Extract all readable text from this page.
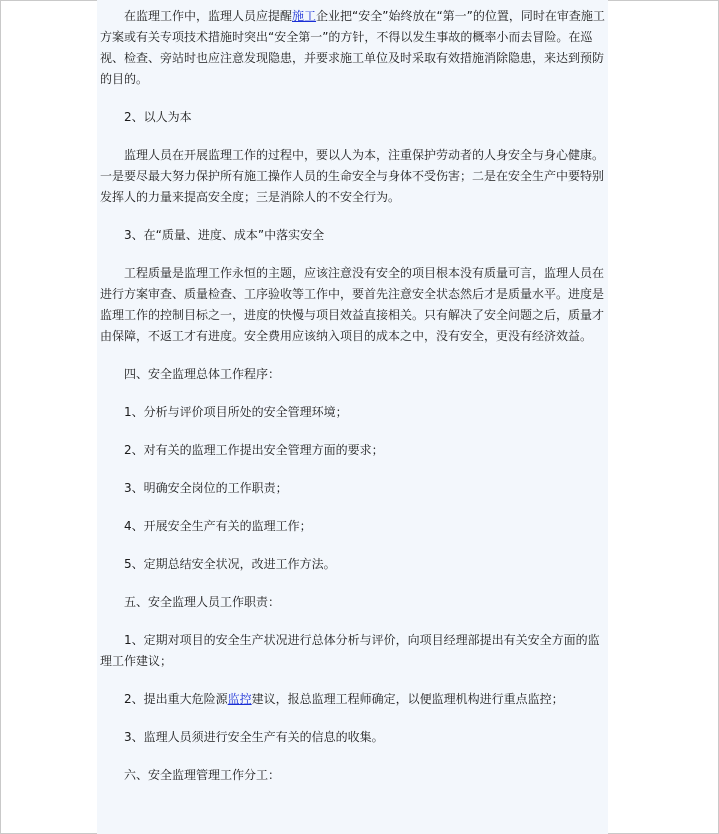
在监理工作中，监理人员应提醒施工企业把“安全”始终放在“第一”的位置，同时在审查施工方案或有关专项技术措施时突出“安全第一”的方针，不得以发生事故的概率小而去冒险。在巡视、检查、旁站时也应注意发现隐患，并要求施工单位及时采取有效措施消除隐患，来达到预防的目的。

2、以人为本

监理人员在开展监理工作的过程中，要以人为本，注重保护劳动者的人身安全与身心健康。一是要尽最大努力保护所有施工操作人员的生命安全与身体不受伤害；二是在安全生产中要特别发挥人的力量来提高安全度；三是消除人的不安全行为。

3、在“质量、进度、成本”中落实安全

工程质量是监理工作永恒的主题，应该注意没有安全的项目根本没有质量可言，监理人员在进行方案审查、质量检查、工序验收等工作中，要首先注意安全状态然后才是质量水平。进度是监理工作的控制目标之一，进度的快慢与项目效益直接相关。只有解决了安全问题之后，质量才由保障，不返工才有进度。安全费用应该纳入项目的成本之中，没有安全，更没有经济效益。

四、安全监理总体工作程序：

1、分析与评价项目所处的安全管理环境；

2、对有关的监理工作提出安全管理方面的要求；

3、明确安全岗位的工作职责；

4、开展安全生产有关的监理工作；

5、定期总结安全状况，改进工作方法。

五、安全监理人员工作职责：

1、定期对项目的安全生产状况进行总体分析与评价，向项目经理部提出有关安全方面的监理工作建议；

2、提出重大危险源监控建议，报总监理工程师确定，以便监理机构进行重点监控；

3、监理人员须进行安全生产有关的信息的收集。

六、安全监理管理工作分工：
